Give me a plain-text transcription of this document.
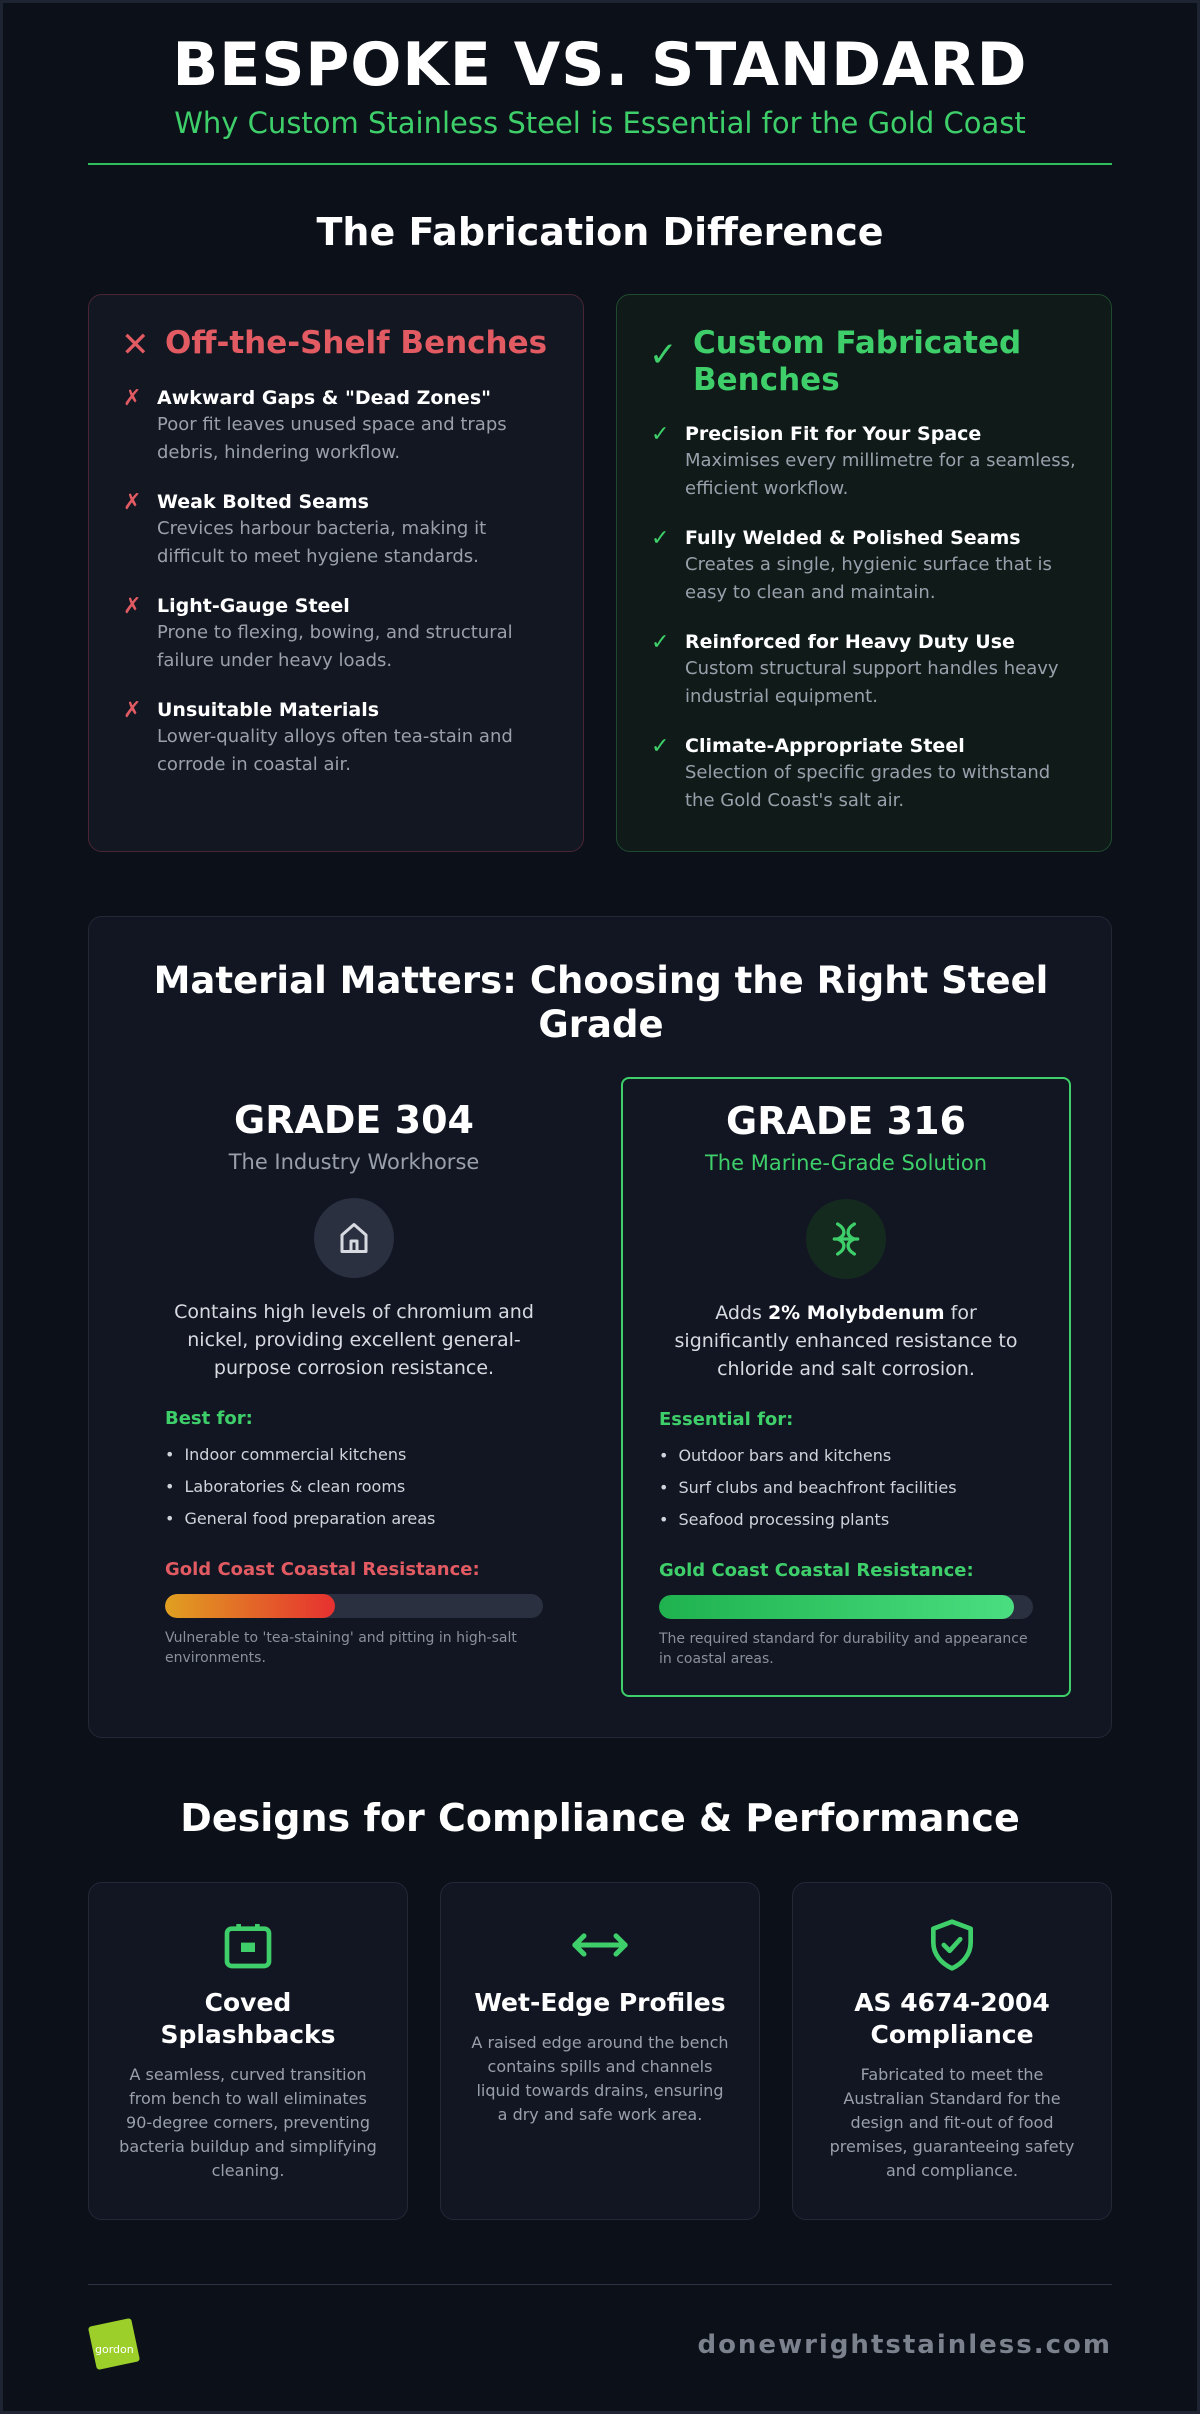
BESPOKE VS. STANDARD
Why Custom Stainless Steel is Essential for the Gold Coast
The Fabrication Difference
✕ Off-the-Shelf Benches
✗ Awkward Gaps & "Dead Zones"
Poor fit leaves unused space and traps debris, hindering workflow.
✗ Weak Bolted Seams
Crevices harbour bacteria, making it difficult to meet hygiene standards.
✗ Light-Gauge Steel
Prone to flexing, bowing, and structural failure under heavy loads.
✗ Unsuitable Materials
Lower-quality alloys often tea-stain and corrode in coastal air.
✓ Custom Fabricated Benches
✓ Precision Fit for Your Space
Maximises every millimetre for a seamless, efficient workflow.
✓ Fully Welded & Polished Seams
Creates a single, hygienic surface that is easy to clean and maintain.
✓ Reinforced for Heavy Duty Use
Custom structural support handles heavy industrial equipment.
✓ Climate-Appropriate Steel
Selection of specific grades to withstand the Gold Coast's salt air.
Material Matters: Choosing the Right Steel Grade
GRADE 304
The Industry Workhorse
Contains high levels of chromium and nickel, providing excellent general-purpose corrosion resistance.
Best for:
• Indoor commercial kitchens
• Laboratories & clean rooms
• General food preparation areas
Gold Coast Coastal Resistance:
Vulnerable to 'tea-staining' and pitting in high-salt environments.
GRADE 316
The Marine-Grade Solution
Adds 2% Molybdenum for significantly enhanced resistance to chloride and salt corrosion.
Essential for:
• Outdoor bars and kitchens
• Surf clubs and beachfront facilities
• Seafood processing plants
Gold Coast Coastal Resistance:
The required standard for durability and appearance in coastal areas.
Designs for Compliance & Performance
Coved Splashbacks
A seamless, curved transition from bench to wall eliminates 90-degree corners, preventing bacteria buildup and simplifying cleaning.
Wet-Edge Profiles
A raised edge around the bench contains spills and channels liquid towards drains, ensuring a dry and safe work area.
AS 4674-2004 Compliance
Fabricated to meet the Australian Standard for the design and fit-out of food premises, guaranteeing safety and compliance.
gordon	donewrightstainless.com
